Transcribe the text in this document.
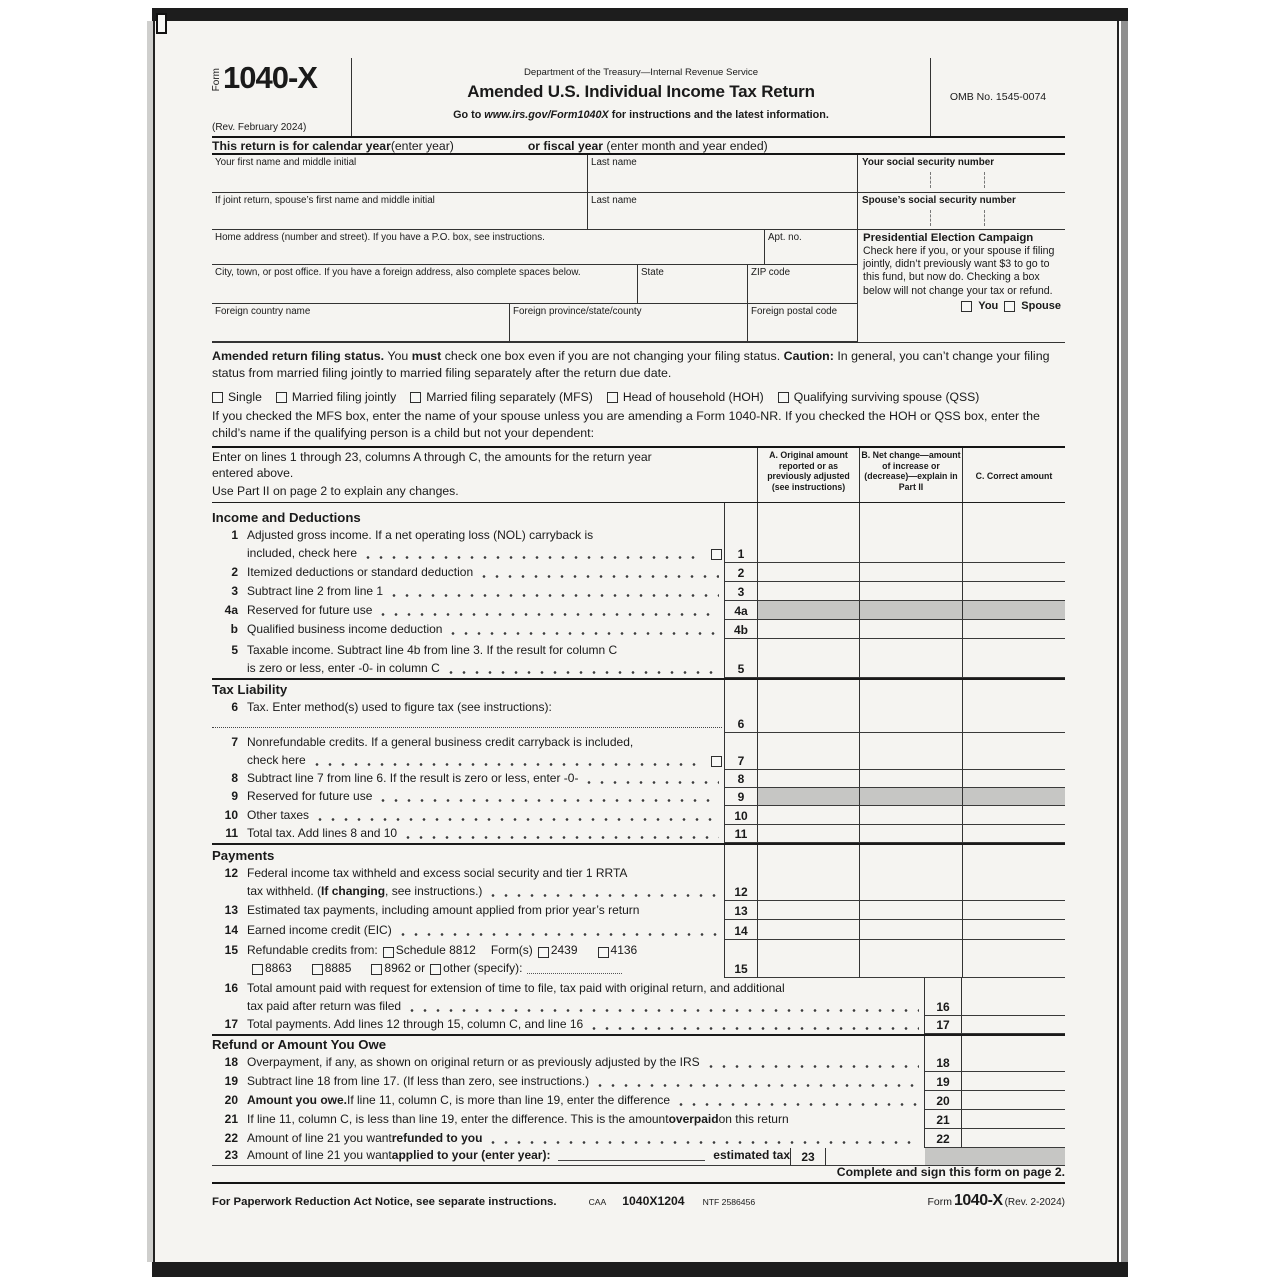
Form 1040-X
(Rev. February 2024)
Department of the Treasury—Internal Revenue Service
Amended U.S. Individual Income Tax Return
Go to www.irs.gov/Form1040X for instructions and the latest information.
OMB No. 1545-0074
This return is for calendar year (enter year)	or fiscal year (enter month and year ended)
Your first name and middle initial	Last name
If joint return, spouse’s first name and middle initial	Last name
Home address (number and street). If you have a P.O. box, see instructions.	Apt. no.
City, town, or post office. If you have a foreign address, also complete spaces below.	State	ZIP code
Foreign country name	Foreign province/state/county	Foreign postal code
Your social security number
Spouse’s social security number
Presidential Election Campaign
Check here if you, or your spouse if filing jointly, didn’t previously want $3 to go to this fund, but now do. Checking a box below will not change your tax or refund.
You Spouse
Amended return filing status. You must check one box even if you are not changing your filing status. Caution: In general, you can’t change your filing status from married filing jointly to married filing separately after the return due date.
Single Married filing jointly Married filing separately (MFS) Head of household (HOH) Qualifying surviving spouse (QSS)
If you checked the MFS box, enter the name of your spouse unless you are amending a Form 1040-NR. If you checked the HOH or QSS box, enter the child’s name if the qualifying person is a child but not your dependent:
Enter on lines 1 through 23, columns A through C, the amounts for the return year entered above.
Use Part II on page 2 to explain any changes.
A. Original amount reported or as previously adjusted (see instructions)
B. Net change—amount of increase or (decrease)—explain in Part II
C. Correct amount
Income and Deductions
1 Adjusted gross income. If a net operating loss (NOL) carryback is
included, check here	1
2 Itemized deductions or standard deduction	2
3 Subtract line 2 from line 1	3
4a Reserved for future use	4a
b Qualified business income deduction	4b
5 Taxable income. Subtract line 4b from line 3. If the result for column C
is zero or less, enter -0- in column C	5
Tax Liability
6 Tax. Enter method(s) used to figure tax (see instructions):
6
7 Nonrefundable credits. If a general business credit carryback is included,
check here	7
8 Subtract line 7 from line 6. If the result is zero or less, enter -0-	8
9 Reserved for future use	9
10 Other taxes	10
11 Total tax. Add lines 8 and 10	11
Payments
12 Federal income tax withheld and excess social security and tier 1 RRTA
tax withheld. ( If changing , see instructions.)	12
13 Estimated tax payments, including amount applied from prior year’s return	13
14 Earned income credit (EIC)	14
15 Refundable credits from: Schedule 8812 Form(s) 2439	4136
8863	8885	8962 or other (specify):	15
16 Total amount paid with request for extension of time to file, tax paid with original return, and additional
tax paid after return was filed	16
17 Total payments. Add lines 12 through 15, column C, and line 16	17
Refund or Amount You Owe
18 Overpayment, if any, as shown on original return or as previously adjusted by the IRS	18
19 Subtract line 18 from line 17. (If less than zero, see instructions.)	19
20 Amount you owe. If line 11, column C, is more than line 19, enter the difference	20
21 If line 11, column C, is less than line 19, enter the difference. This is the amount overpaid on this return	21
22 Amount of line 21 you want refunded to you	22
23 Amount of line 21 you want applied to your (enter year):	estimated tax 23
Complete and sign this form on page 2.
For Paperwork Reduction Act Notice, see separate instructions.	CAA 1040X1204 NTF 2586456	Form 1040-X (Rev. 2-2024)
